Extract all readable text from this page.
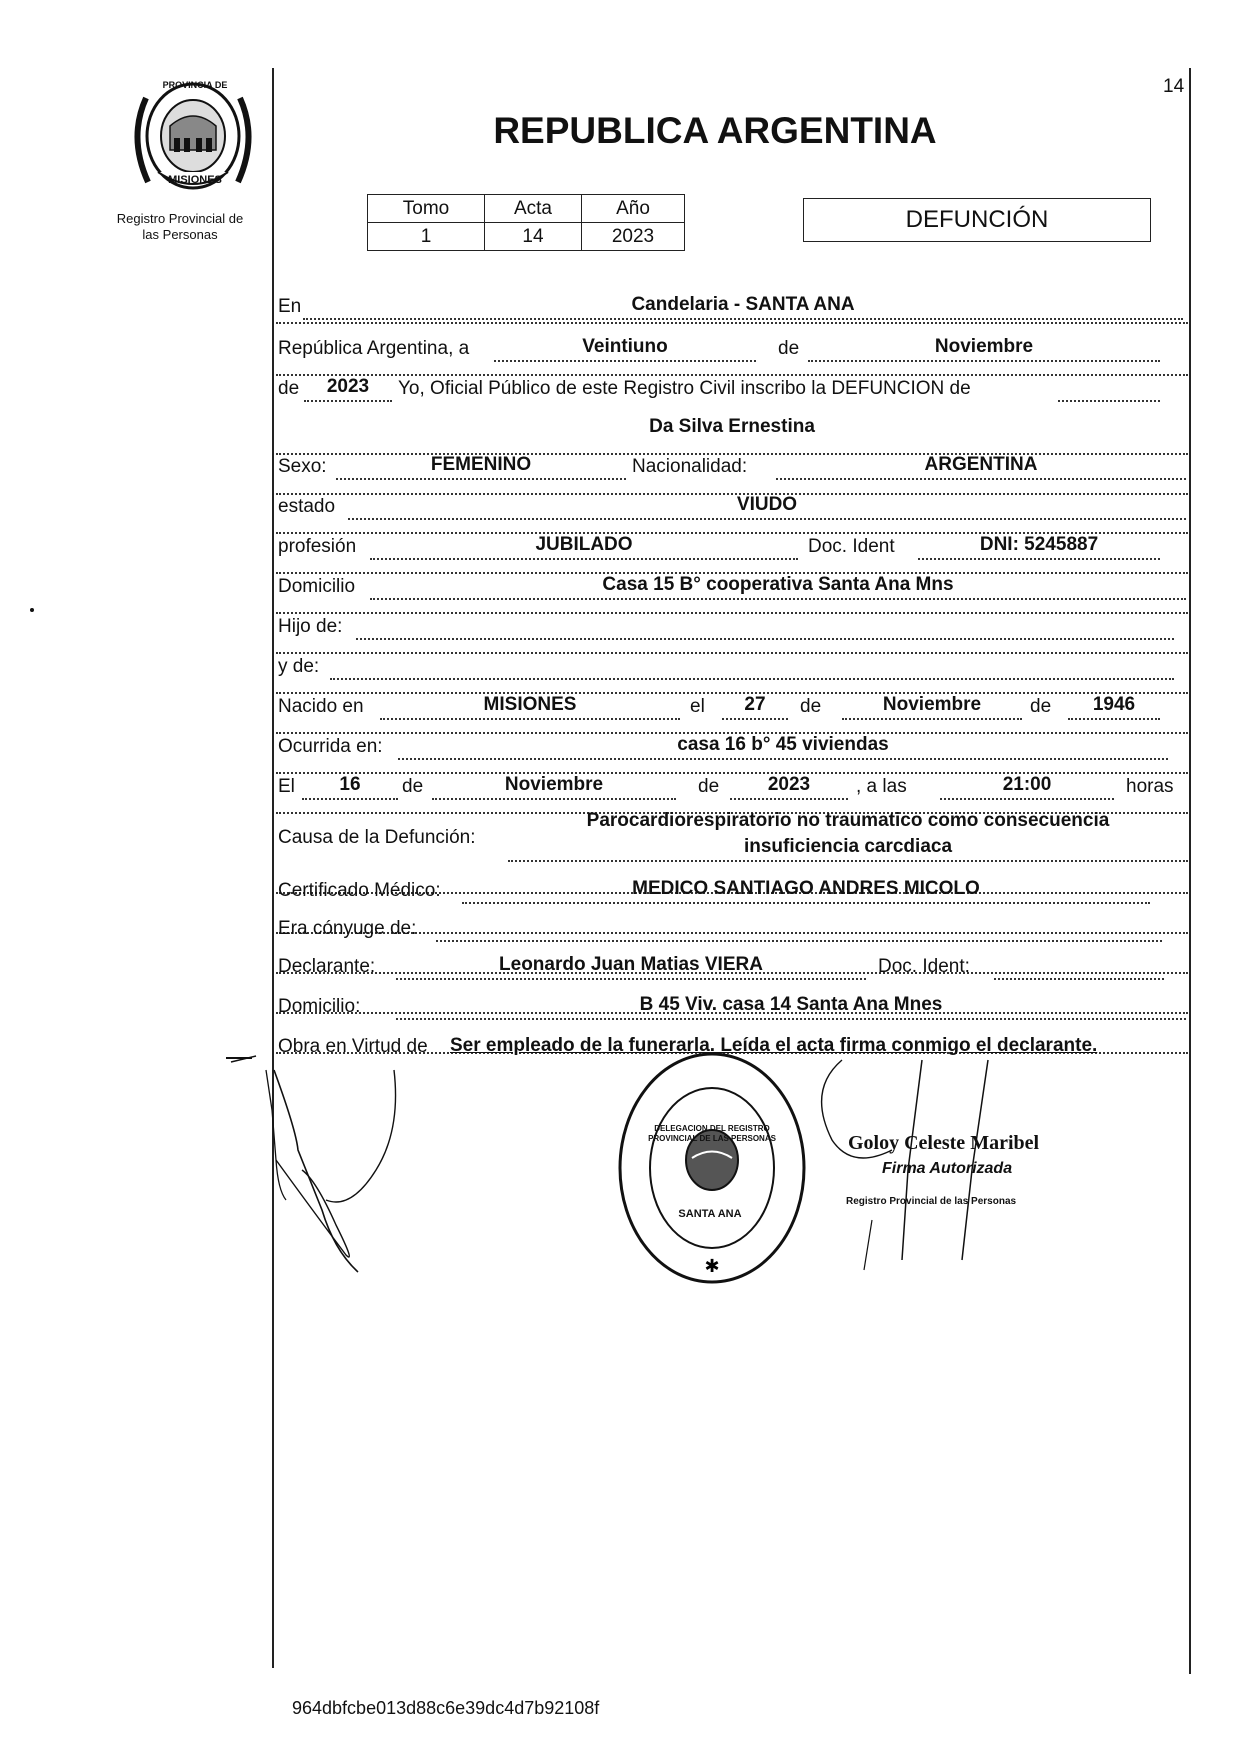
PROVINCIA DE
MISIONES
Registro Provincial de
las Personas
14
REPUBLICA ARGENTINA
Tomo	Acta	Año
1	14	2023
DEFUNCIÓN
En	Candelaria - SANTA ANA
República Argentina, a	Veintiuno	de	Noviembre
de	2023	Yo, Oficial Público de este Registro Civil inscribo la DEFUNCION de
Da Silva Ernestina
Sexo:	FEMENINO	Nacionalidad:	ARGENTINA
estado	VIUDO
profesión	JUBILADO	Doc. Ident	DNI: 5245887
Domicilio	Casa 15 B° cooperativa Santa Ana Mns
Hijo de:
y de:
Nacido en	MISIONES	el	27	de	Noviembre	de	1946
Ocurrida en:	casa 16 b° 45 viviendas
El	16	de	Noviembre	de	2023	, a las	21:00	horas
Causa de la Defunción:
Parocardiorespiratorio no traumatico como consecuencia
insuficiencia carcdiaca
Certificado Médico:	MEDICO SANTIAGO ANDRES MICOLO
Era cónyuge de:
Declarante:	Leonardo Juan Matias VIERA	Doc. Ident:
Domicilio:	B 45 Viv. casa 14 Santa Ana Mnes
Obra en Virtud de Ser empleado de la funerarla. Leída el acta firma conmigo el declarante.
✱
DELEGACION DEL REGISTRO PROVINCIAL DE LAS PERSONAS
SANTA ANA
Goloy Celeste Maribel
Firma Autorizada
Registro Provincial de las Personas
964dbfcbe013d88c6e39dc4d7b92108f
